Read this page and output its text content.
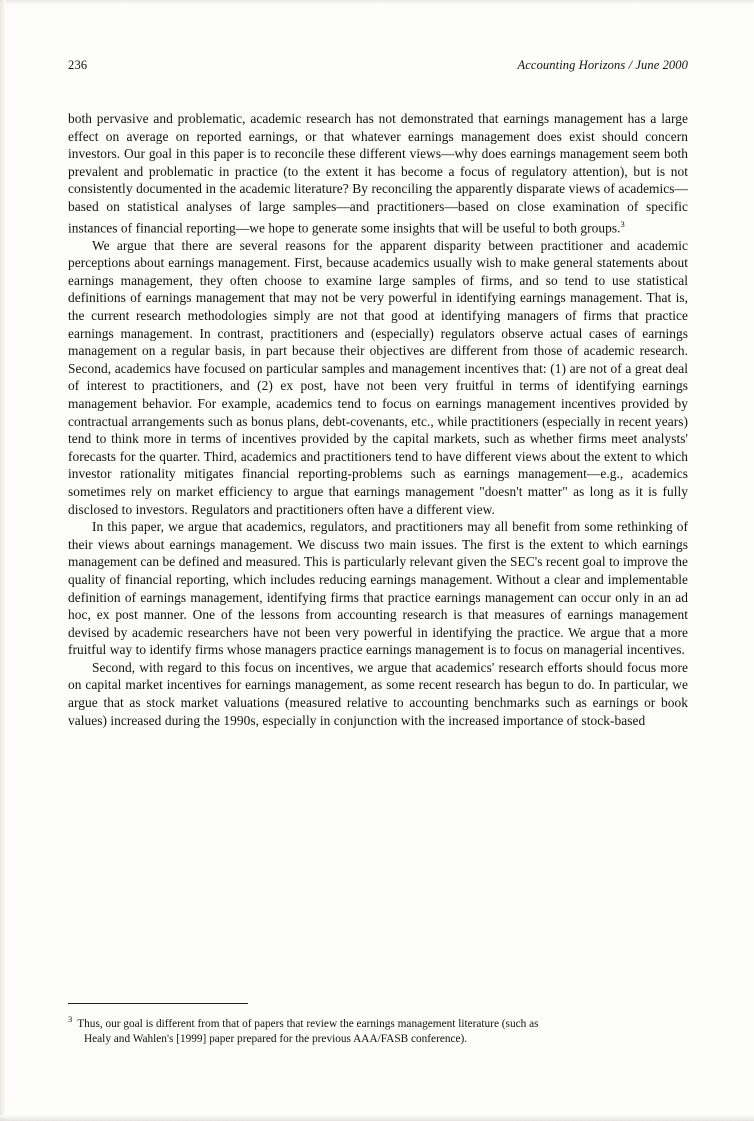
236	Accounting Horizons / June 2000

both pervasive and problematic, academic research has not demonstrated that earnings management has a large effect on average on reported earnings, or that whatever earnings management does exist should concern investors. Our goal in this paper is to reconcile these different views—why does earnings management seem both prevalent and problematic in practice (to the extent it has become a focus of regulatory attention), but is not consistently documented in the academic literature? By reconciling the apparently disparate views of academics—based on statistical analyses of large samples—and practitioners—based on close examination of specific instances of financial reporting—we hope to generate some insights that will be useful to both groups.$^3$

We argue that there are several reasons for the apparent disparity between practitioner and academic perceptions about earnings management. First, because academics usually wish to make general statements about earnings management, they often choose to examine large samples of firms, and so tend to use statistical definitions of earnings management that may not be very powerful in identifying earnings management. That is, the current research methodologies simply are not that good at identifying managers of firms that practice earnings management. In contrast, practitioners and (especially) regulators observe actual cases of earnings management on a regular basis, in part because their objectives are different from those of academic research. Second, academics have focused on particular samples and management incentives that: (1) are not of a great deal of interest to practitioners, and (2) ex post, have not been very fruitful in terms of identifying earnings management behavior. For example, academics tend to focus on earnings management incentives provided by contractual arrangements such as bonus plans, debt-covenants, etc., while practitioners (especially in recent years) tend to think more in terms of incentives provided by the capital markets, such as whether firms meet analysts' forecasts for the quarter. Third, academics and practitioners tend to have different views about the extent to which investor rationality mitigates financial reporting-problems such as earnings management—e.g., academics sometimes rely on market efficiency to argue that earnings management "doesn't matter" as long as it is fully disclosed to investors. Regulators and practitioners often have a different view.

In this paper, we argue that academics, regulators, and practitioners may all benefit from some rethinking of their views about earnings management. We discuss two main issues. The first is the extent to which earnings management can be defined and measured. This is particularly relevant given the SEC's recent goal to improve the quality of financial reporting, which includes reducing earnings management. Without a clear and implementable definition of earnings management, identifying firms that practice earnings management can occur only in an ad hoc, ex post manner. One of the lessons from accounting research is that measures of earnings management devised by academic researchers have not been very powerful in identifying the practice. We argue that a more fruitful way to identify firms whose managers practice earnings management is to focus on managerial incentives.

Second, with regard to this focus on incentives, we argue that academics' research efforts should focus more on capital market incentives for earnings management, as some recent research has begun to do. In particular, we argue that as stock market valuations (measured relative to accounting benchmarks such as earnings or book values) increased during the 1990s, especially in conjunction with the increased importance of stock-based

$^3$ Thus, our goal is different from that of papers that review the earnings management literature (such as
Healy and Wahlen's [1999] paper prepared for the previous AAA/FASB conference).
